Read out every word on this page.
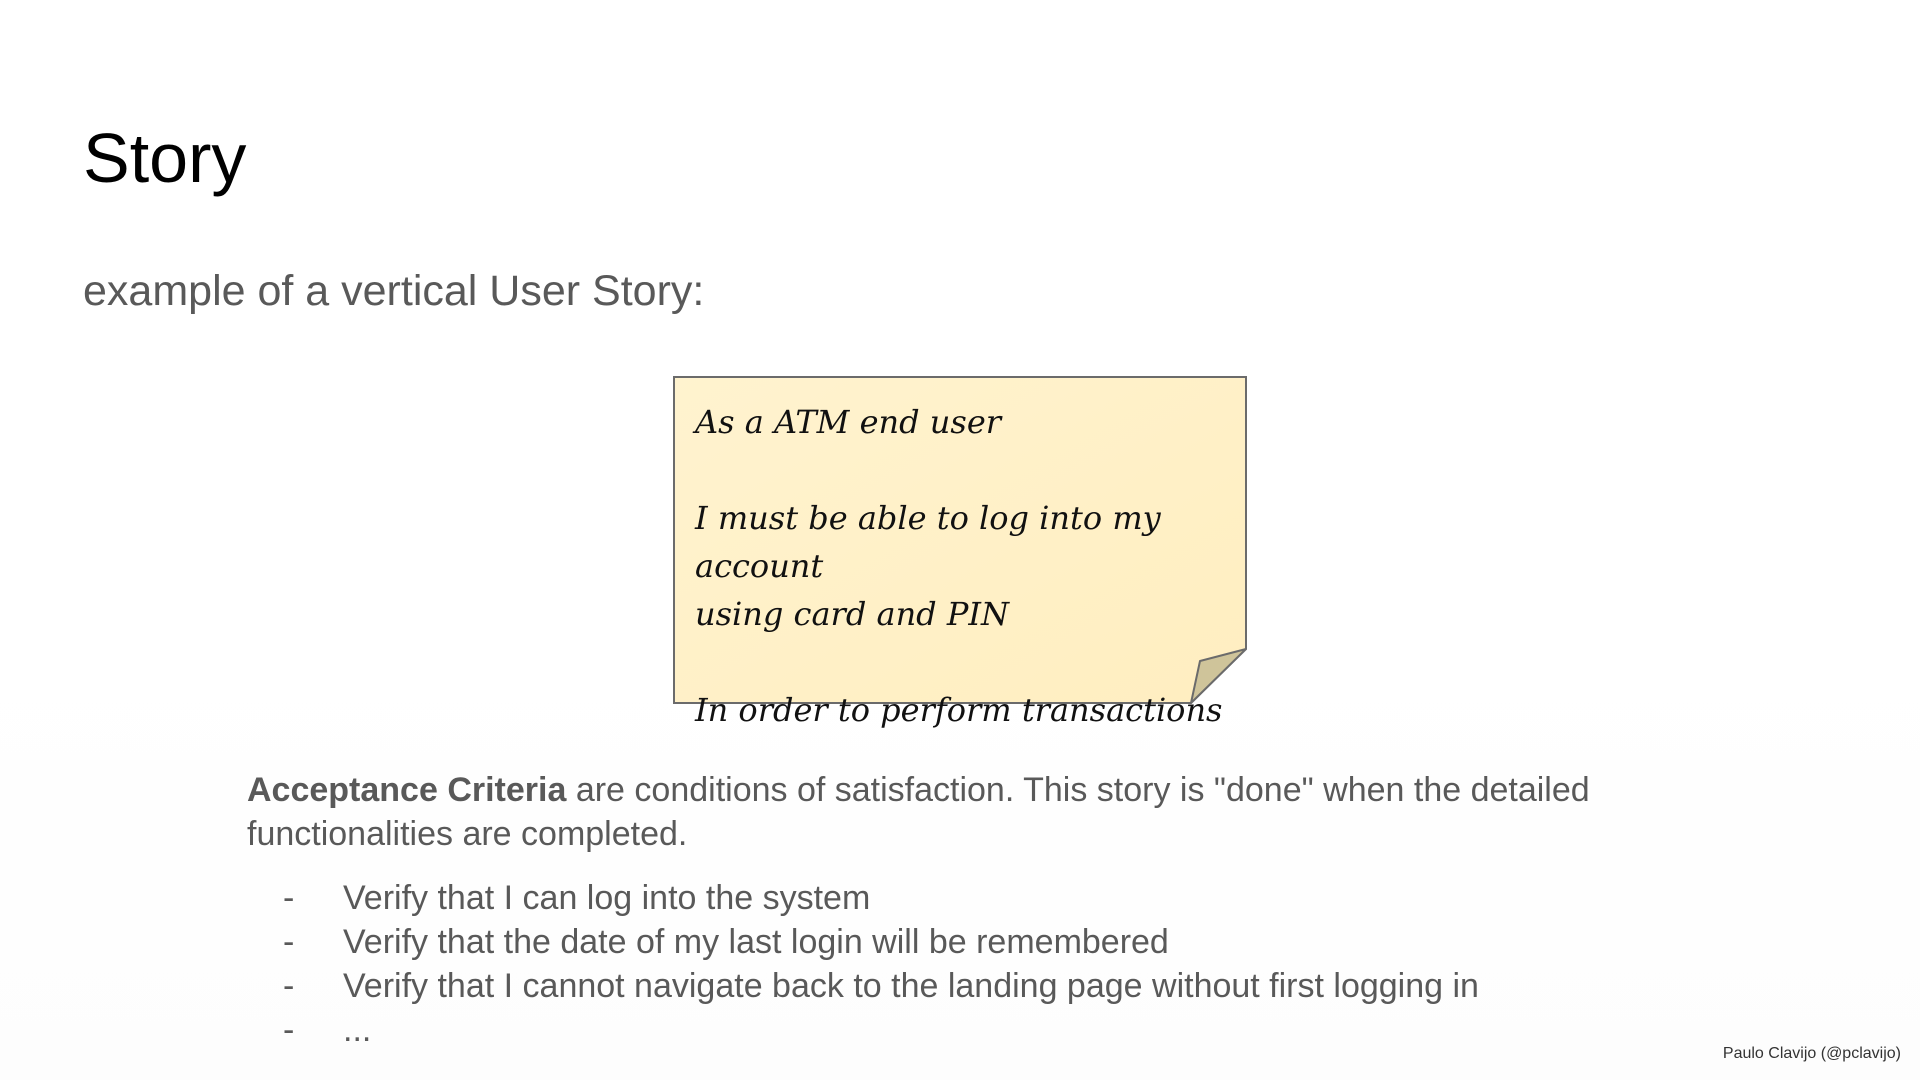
Story
example of a vertical User Story:

As a ATM end user

I must be able to log into my account

using card and PIN

In order to perform transactions

Acceptance Criteria are conditions of satisfaction. This story is "done" when the detailed functionalities are completed.

-	Verify that I can log into the system
-	Verify that the date of my last login will be remembered
-	Verify that I cannot navigate back to the landing page without first logging in
-	...
Paulo Clavijo (@pclavijo)
